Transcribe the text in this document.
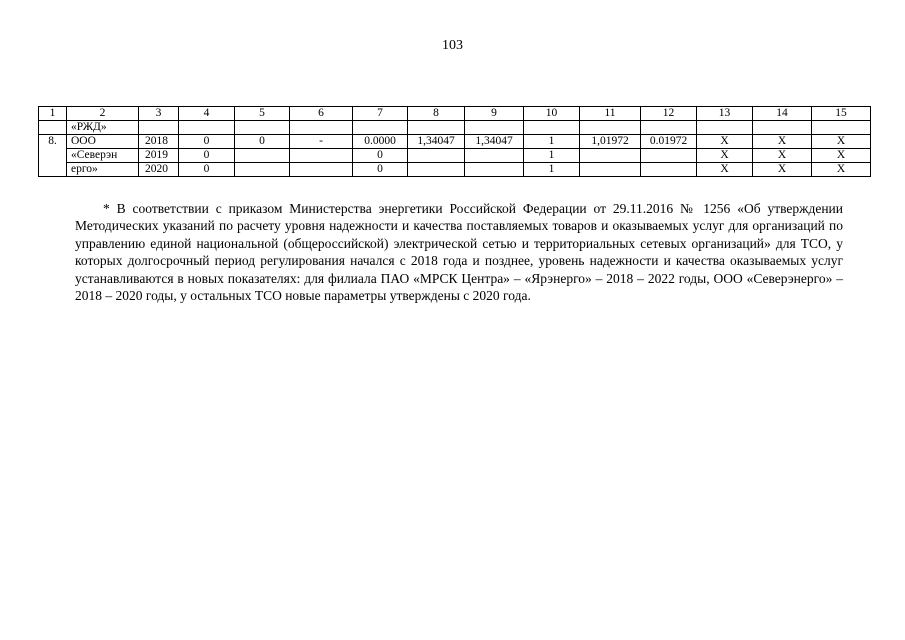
103
1	2	3	4	5	6	7	8	9	10	11	12	13	14	15
	«РЖД»													
8.	ООО	2018	0	0	-	0.0000	1,34047	1,34047	1	1,01972	0.01972	Х	Х	Х
	«Северэн	2019	0			0			1			Х	Х	Х
	ерго»	2020	0			0			1			Х	Х	Х

* В соответствии с приказом Министерства энергетики Российской Федерации от 29.11.2016 № 1256 «Об утверждении Методических указаний по расчету уровня надежности и качества поставляемых товаров и оказываемых услуг для организаций по управлению единой национальной (общероссийской) электрической сетью и территориальных сетевых организаций» для ТСО, у которых долгосрочный период регулирования начался с 2018 года и позднее, уровень надежности и качества оказываемых услуг устанавливаются в новых показателях: для филиала ПАО «МРСК Центра» – «Ярэнерго» – 2018 – 2022 годы, ООО «Северэнерго» – 2018 – 2020 годы, у остальных ТСО новые параметры утверждены с 2020 года.
